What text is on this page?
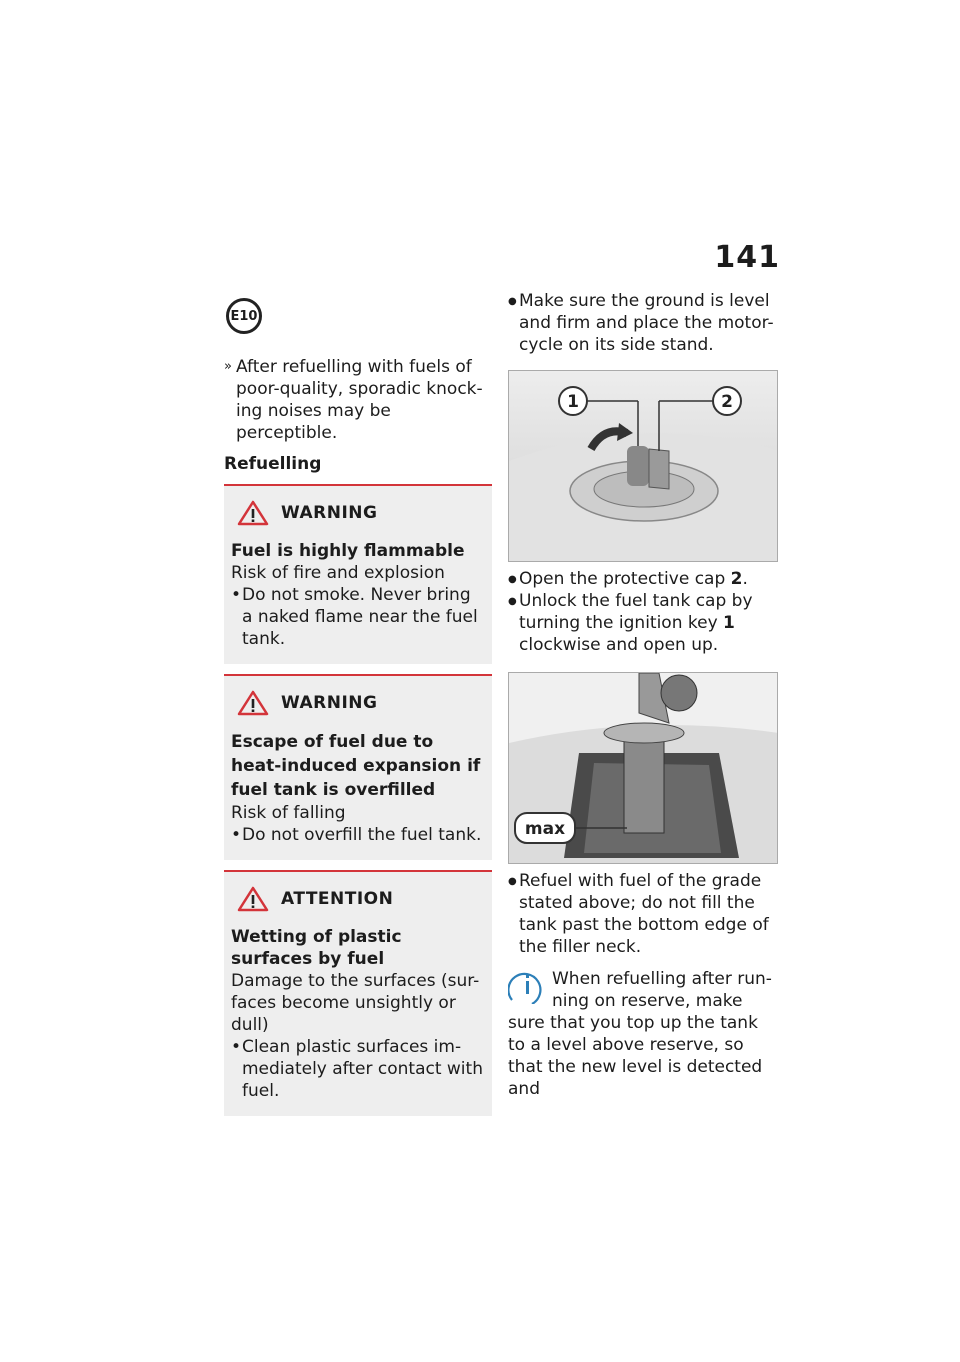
141
E10
» After refuelling with fuels of poor-quality, sporadic knock-ing noises may be perceptible.
Refuelling
WARNING
Fuel is highly flammable
Risk of fire and explosion
• Do not smoke. Never bring a naked flame near the fuel tank.
WARNING
Escape of fuel due to heat-induced expansion if fuel tank is overfilled
Risk of falling
• Do not overfill the fuel tank.
ATTENTION
Wetting of plastic surfaces by fuel
Damage to the surfaces (sur-faces become unsightly or dull)
• Clean plastic surfaces im-mediately after contact with fuel.
● Make sure the ground is level and firm and place the motor-cycle on its side stand.
1	2
● Open the protective cap 2.
● Unlock the fuel tank cap by turning the ignition key 1 clockwise and open up.
max
● Refuel with fuel of the grade stated above; do not fill the tank past the bottom edge of the filler neck.
When refuelling after run-ning on reserve, make sure that you top up the tank to a level above reserve, so that the new level is detected and
